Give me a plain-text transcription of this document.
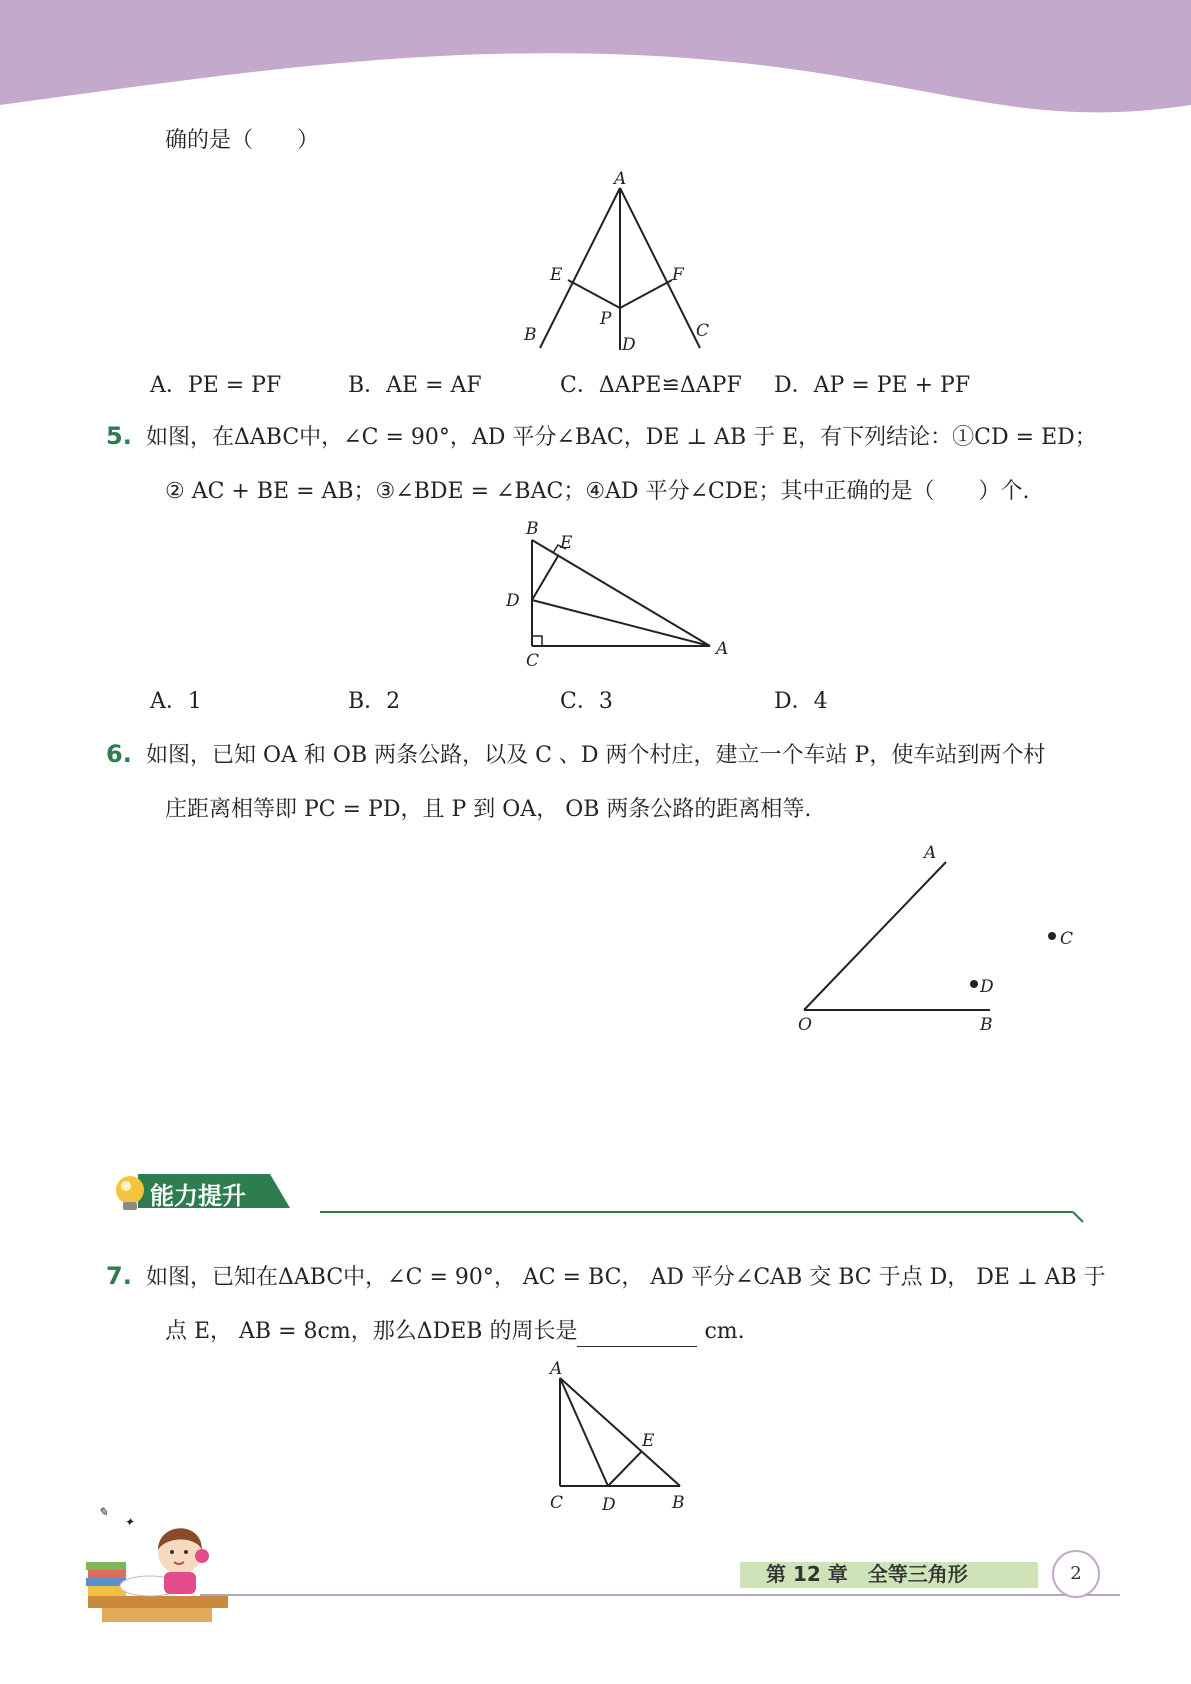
确的是（　　）
A
E	F
P
B	D
C
A．PE = PF	B．AE = AF	C．ΔAPE≌ΔAPF D．AP = PE + PF
5. 如图，在ΔABC中，∠C = 90°，AD 平分∠BAC，DE ⊥ AB 于 E，有下列结论：①CD = ED；
② AC + BE = AB；③∠BDE = ∠BAC；④AD 平分∠CDE；其中正确的是（　　）个.
B
E
D
C
A
A．1	B．2	C．3	D．4
6. 如图，已知 OA 和 OB 两条公路，以及 C 、D 两个村庄，建立一个车站 P，使车站到两个村
庄距离相等即 PC = PD，且 P 到 OA， OB 两条公路的距离相等.
A
C
D
O	B
能力提升
7. 如图，已知在ΔABC中，∠C = 90°， AC = BC， AD 平分∠CAB 交 BC 于点 D， DE ⊥ AB 于
点 E， AB = 8cm，那么ΔDEB 的周长是	cm.
A
E
C D	B
✎
✦
第 12 章　全等三角形	2
